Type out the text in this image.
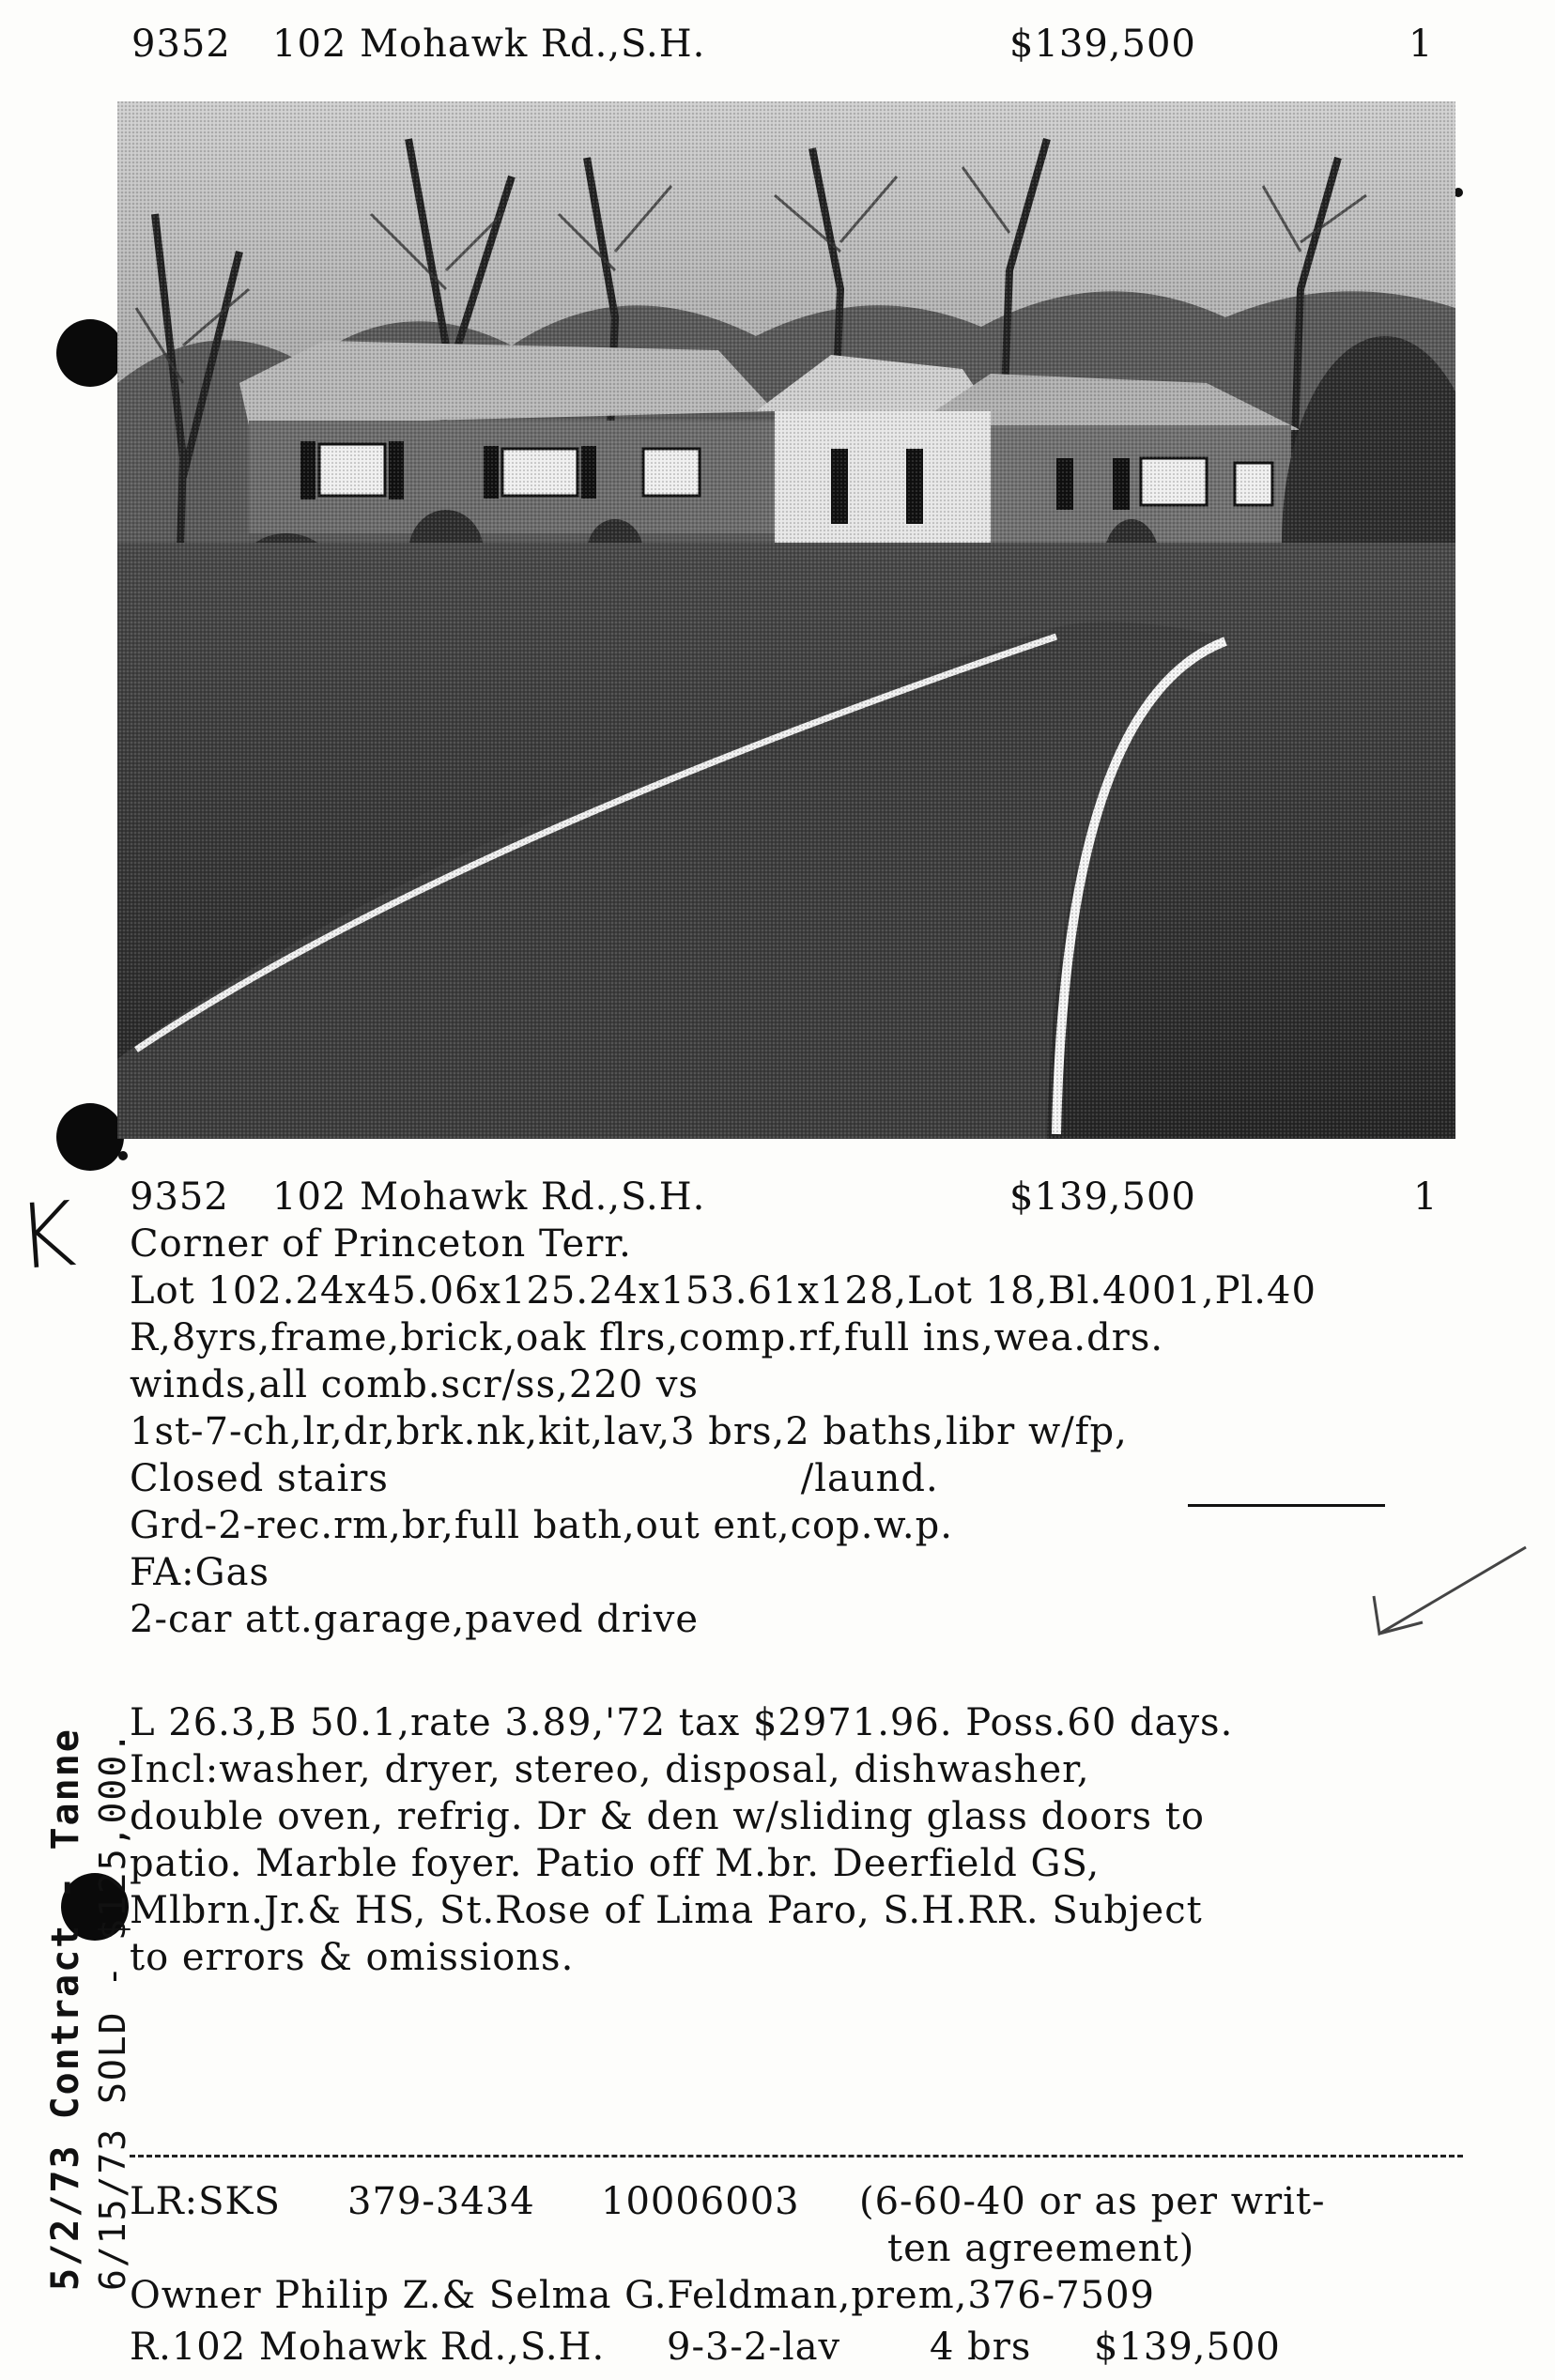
9352 102 Mohawk Rd.,S.H.	$139,500	1
9352 102 Mohawk Rd.,S.H.	$139,500	1
Corner of Princeton Terr.
Lot 102.24x45.06x125.24x153.61x128,Lot 18,Bl.4001,Pl.40
R,8yrs,frame,brick,oak flrs,comp.rf,full ins,wea.drs.
winds,all comb.scr/ss,220 vs
1st-7-ch,lr,dr,brk.nk,kit,lav,3 brs,2 baths,libr w/fp,
Closed stairs                                /laund.
Grd-2-rec.rm,br,full bath,out ent,cop.w.p.
FA:Gas
2-car att.garage,paved drive
L 26.3,B 50.1,rate 3.89,'72 tax $2971.96. Poss.60 days.
Incl:washer, dryer, stereo, disposal, dishwasher,
double oven, refrig. Dr & den w/sliding glass doors to
patio. Marble foyer. Patio off M.br. Deerfield GS,
Mlbrn.Jr.& HS, St.Rose of Lima Paro, S.H.RR. Subject
to errors & omissions.
K
5/2/73 Contract - Tanne 6/15/73 SOLD - $125,000.
LR:SKS 379-3434 10006003 (6-60-40 or as per writ-
ten agreement)
Owner Philip Z.& Selma G.Feldman,prem,376-7509
R.102 Mohawk Rd.,S.H. 9-3-2-lav 4 brs $139,500
